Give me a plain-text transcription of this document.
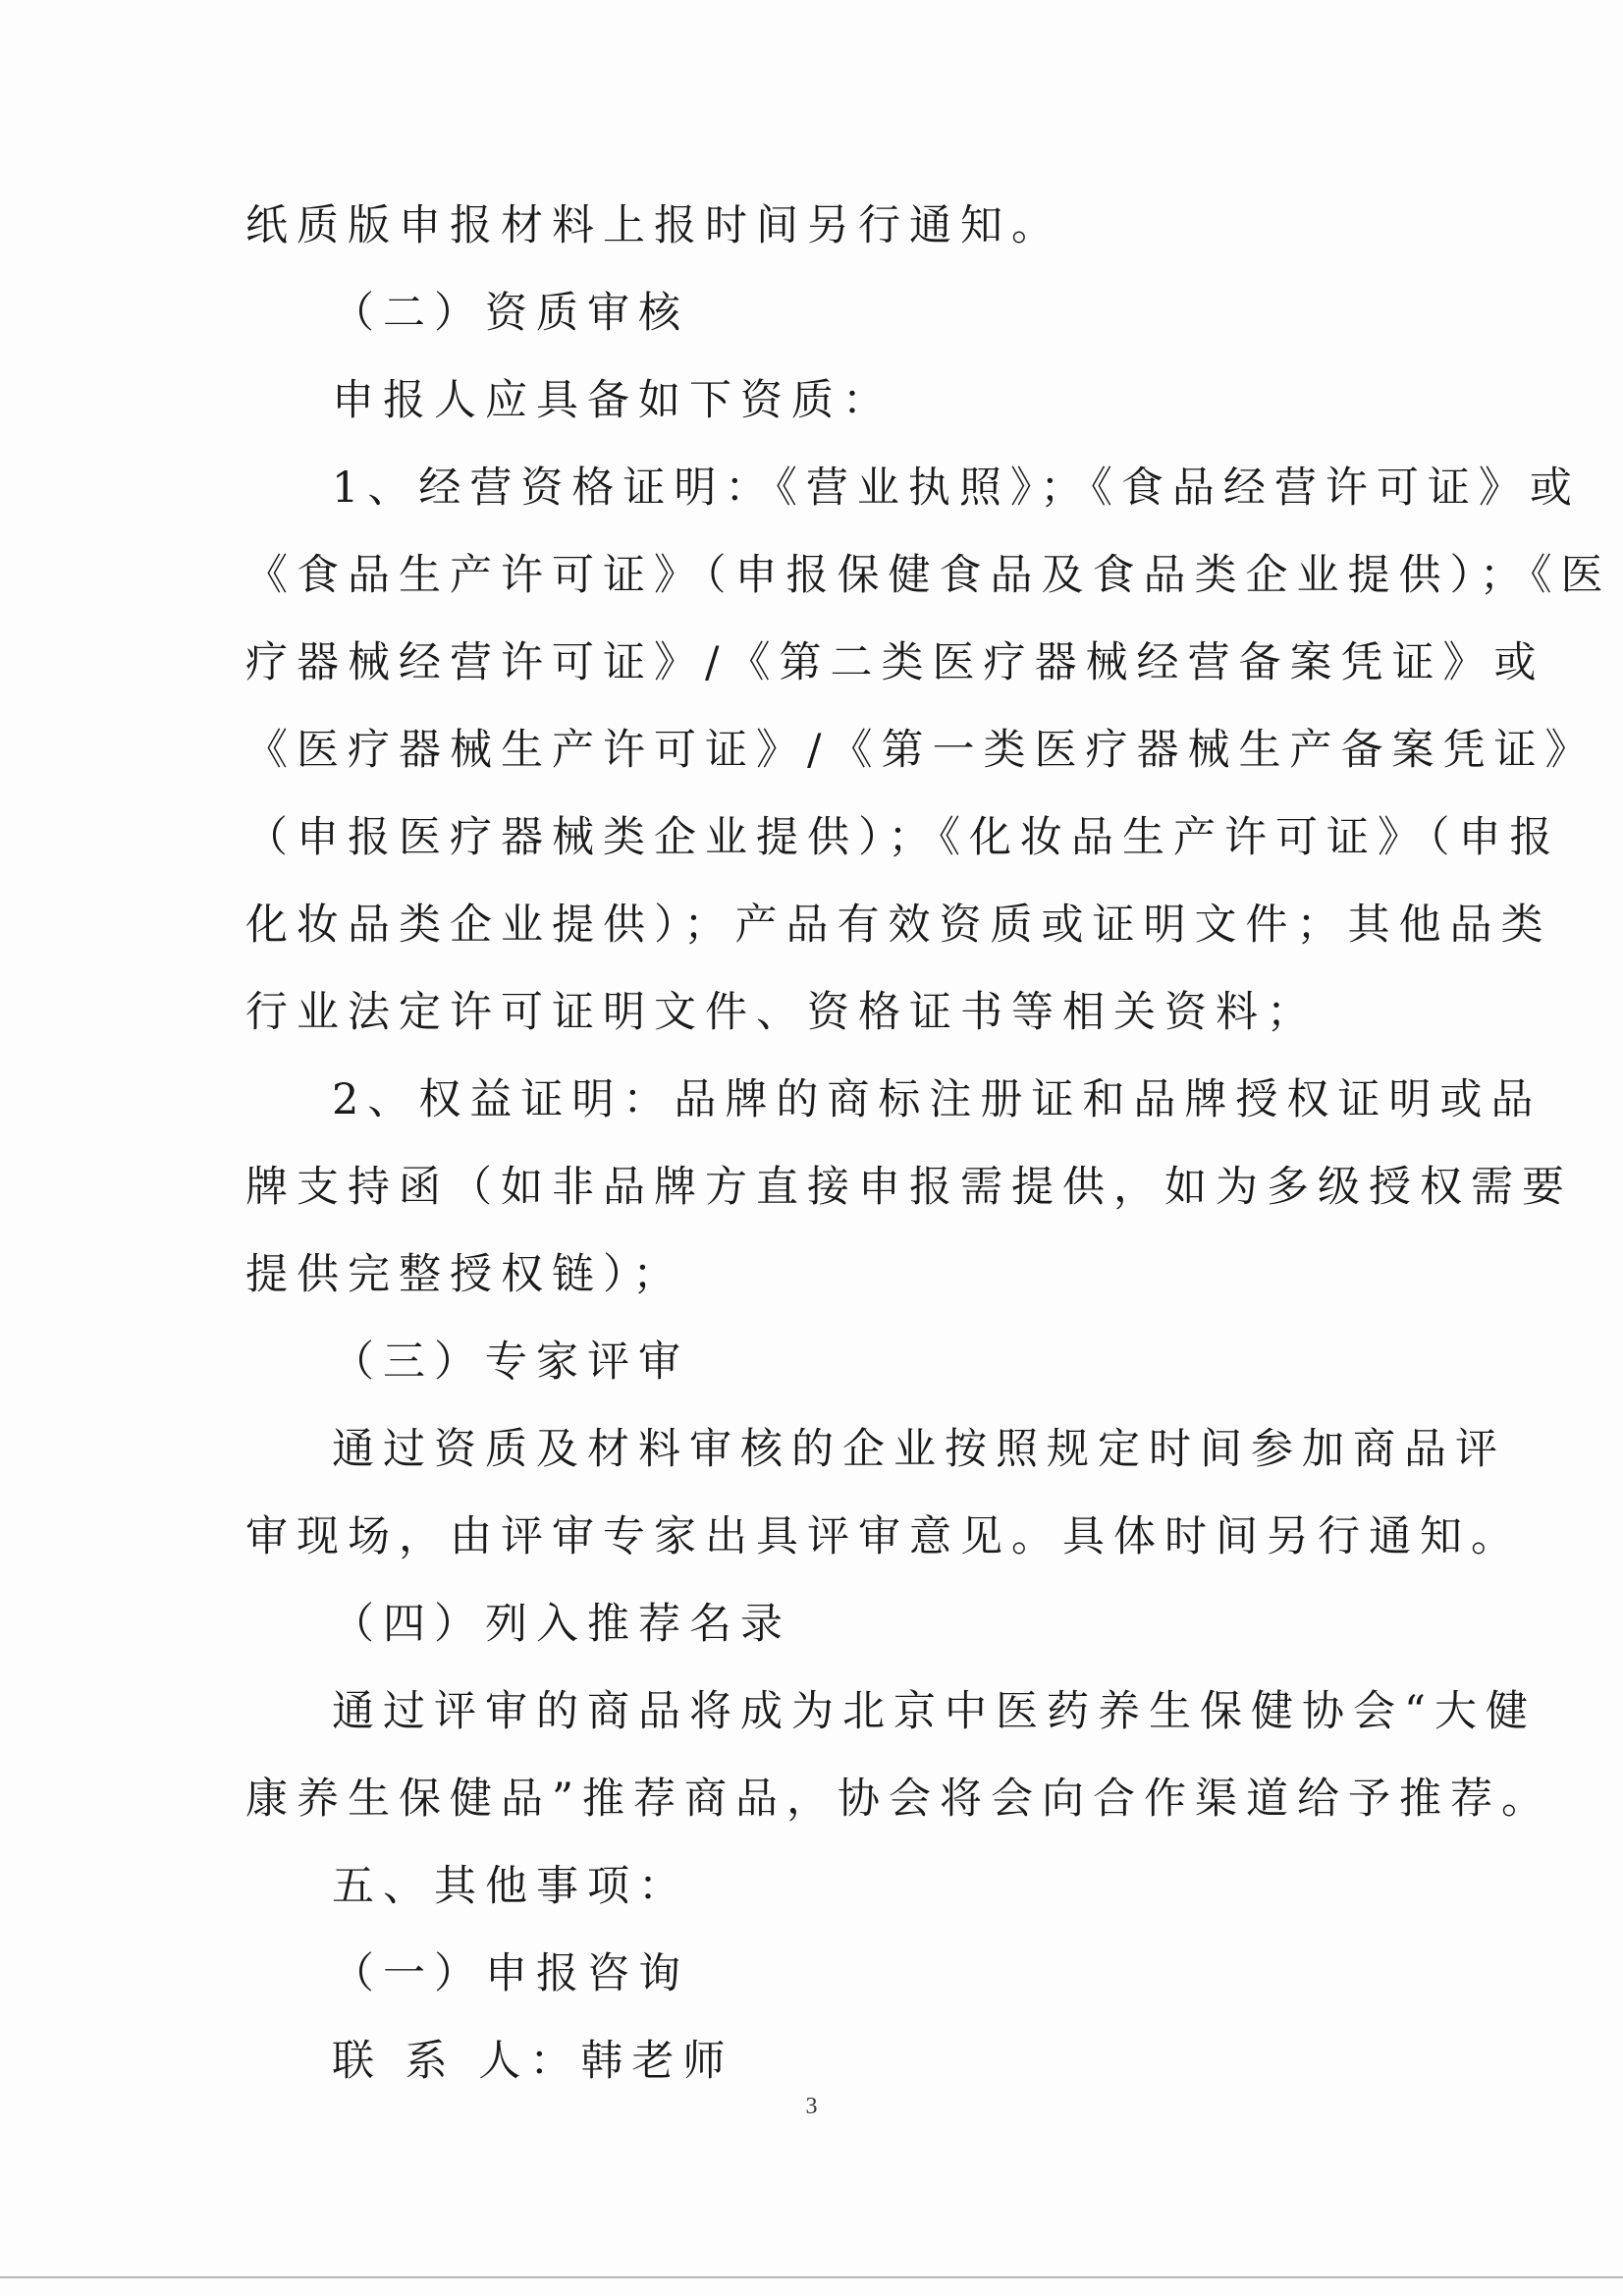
纸质版申报材料上报时间另行通知。
（二）资质审核
申报人应具备如下资质：
1、经营资格证明：《营业执照》；《食品经营许可证》或
《食品生产许可证》（申报保健食品及食品类企业提供）；《医
疗器械经营许可证》/《第二类医疗器械经营备案凭证》或
《医疗器械生产许可证》/《第一类医疗器械生产备案凭证》
（申报医疗器械类企业提供）；《化妆品生产许可证》（申报
化妆品类企业提供）；产品有效资质或证明文件；其他品类
行业法定许可证明文件、资格证书等相关资料；
2、权益证明：品牌的商标注册证和品牌授权证明或品
牌支持函（如非品牌方直接申报需提供，如为多级授权需要
提供完整授权链）；
（三）专家评审
通过资质及材料审核的企业按照规定时间参加商品评
审现场，由评审专家出具评审意见。具体时间另行通知。
（四）列入推荐名录
通过评审的商品将成为北京中医药养生保健协会“大健
康养生保健品”推荐商品，协会将会向合作渠道给予推荐。
五、其他事项：
（一）申报咨询
联 系 人：韩老师
3
